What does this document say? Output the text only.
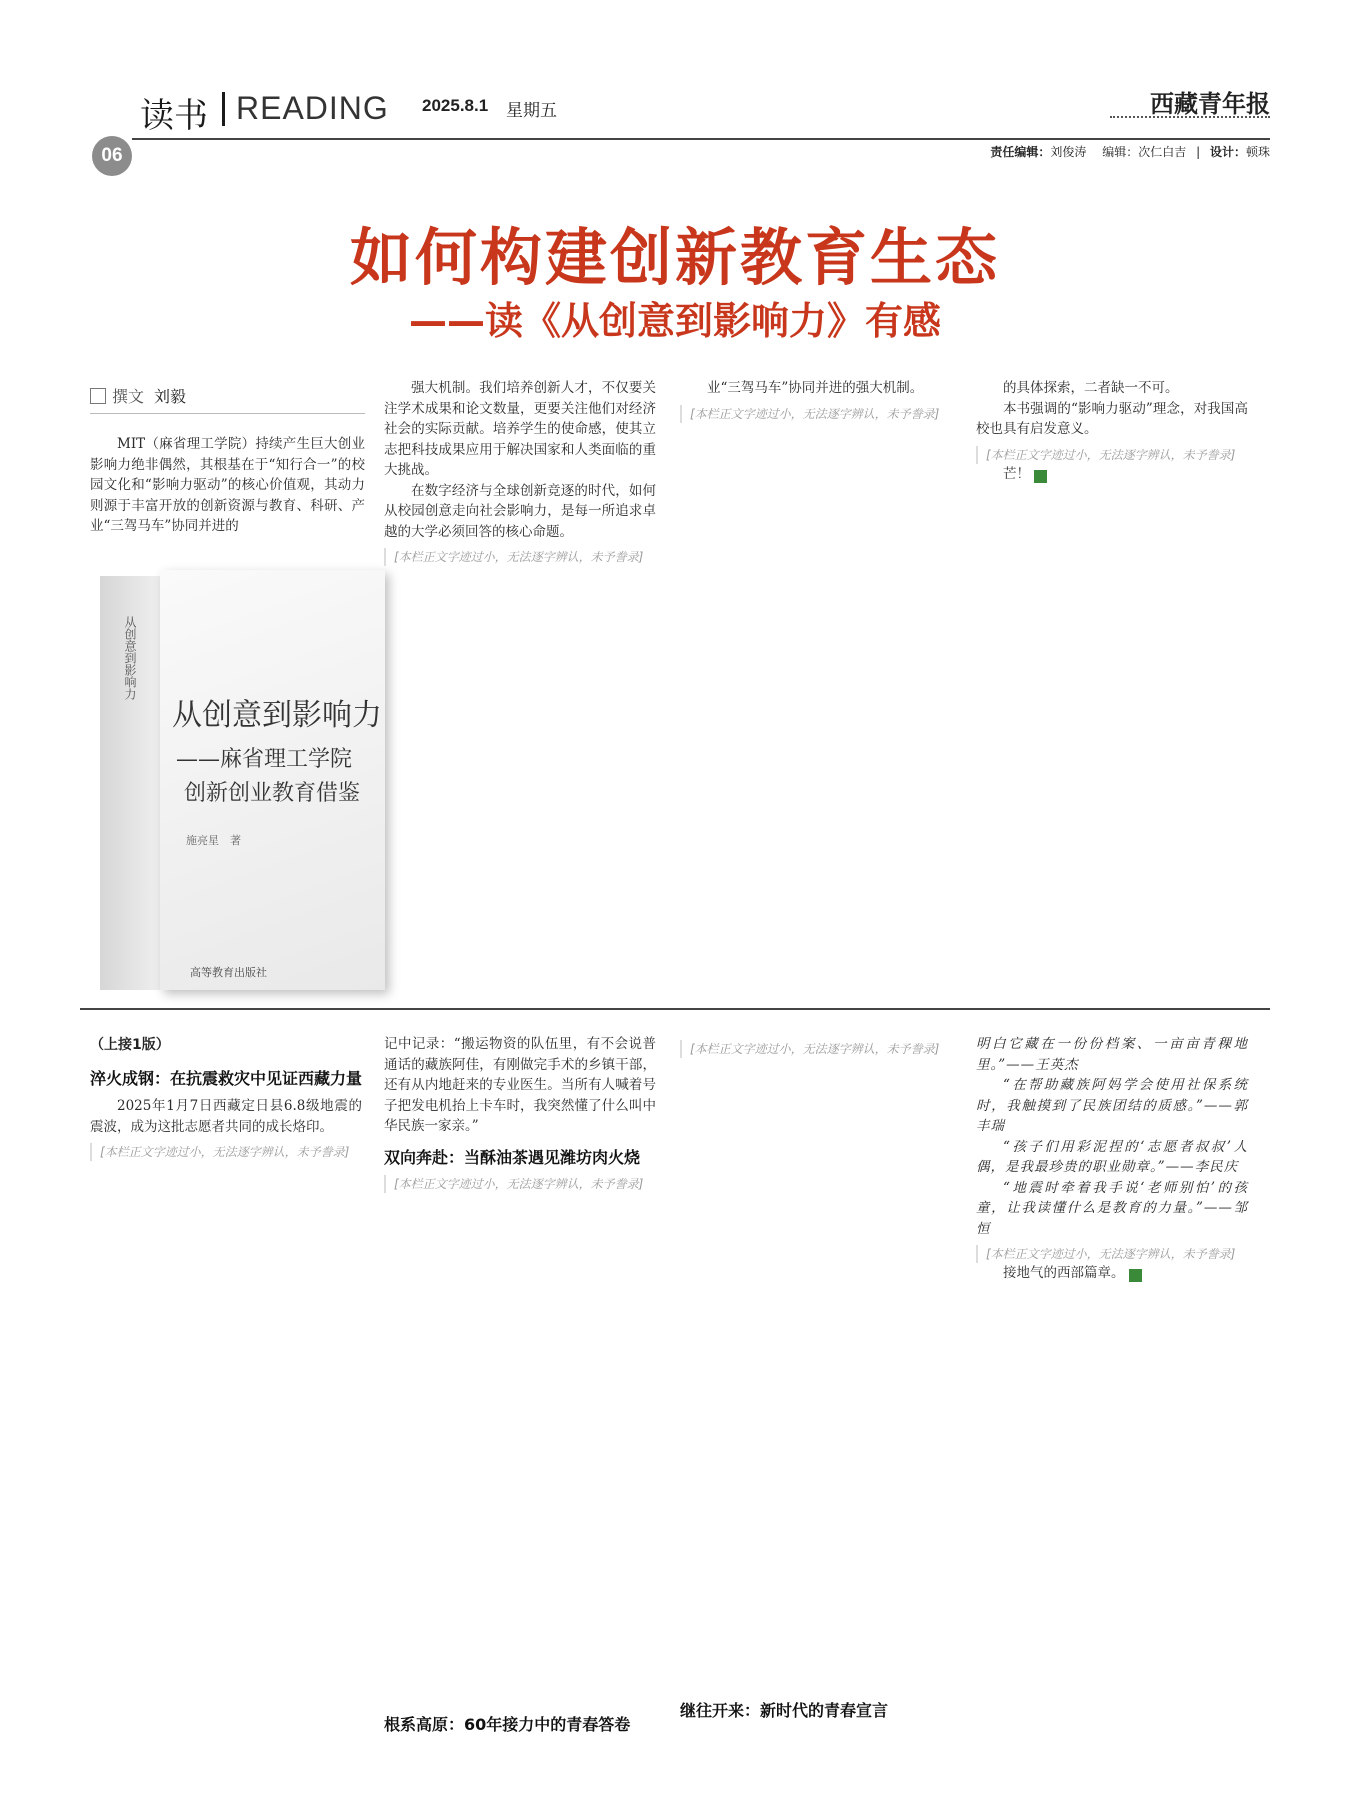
读书 READING 2025.8.1 星期五	西藏青年报
06	责任编辑：刘俊涛 编辑：次仁白吉 | 设计：顿珠
如何构建创新教育生态
——读《从创意到影响力》有感
撰文 刘毅

MIT（麻省理工学院）持续产生巨大创业影响力绝非偶然，其根基在于“知行合一”的校园文化和“影响力驱动”的核心价值观，其动力则源于丰富开放的创新资源与教育、科研、产业“三驾马车”协同并进的

从创意到影响力
从创意到影响力
——麻省理工学院
创新创业教育借鉴
施亮星　著
高等教育出版社

强大机制。我们培养创新人才，不仅要关注学术成果和论文数量，更要关注他们对经济社会的实际贡献。培养学生的使命感，使其立志把科技成果应用于解决国家和人类面临的重大挑战。

在数字经济与全球创新竞逐的时代，如何从校园创意走向社会影响力，是每一所追求卓越的大学必须回答的核心命题。

[本栏正文字迹过小，无法逐字辨认，未予誊录]

业“三驾马车”协同并进的强大机制。

[本栏正文字迹过小，无法逐字辨认，未予誊录]

的具体探索，二者缺一不可。

本书强调的“影响力驱动”理念，对我国高校也具有启发意义。

[本栏正文字迹过小，无法逐字辨认，未予誊录]

芒！	▪

（上接1版）
淬火成钢：在抗震救灾中见证西藏力量

2025年1月7日西藏定日县6.8级地震的震波，成为这批志愿者共同的成长烙印。

[本栏正文字迹过小，无法逐字辨认，未予誊录]

记中记录：“搬运物资的队伍里，有不会说普通话的藏族阿佳，有刚做完手术的乡镇干部，还有从内地赶来的专业医生。当所有人喊着号子把发电机抬上卡车时，我突然懂了什么叫中华民族一家亲。”

双向奔赴：当酥油茶遇见潍坊肉火烧

[本栏正文字迹过小，无法逐字辨认，未予誊录]

根系高原：60年接力中的青春答卷

[本栏正文字迹过小，无法逐字辨认，未予誊录]

继往开来：新时代的青春宣言

明白它藏在一份份档案、一亩亩青稞地里。”——王英杰

“在帮助藏族阿妈学会使用社保系统时，我触摸到了民族团结的质感。”——郭丰瑞

“孩子们用彩泥捏的‘志愿者叔叔’人偶，是我最珍贵的职业勋章。”——李民庆

“地震时牵着我手说‘老师别怕’的孩童，让我读懂什么是教育的力量。”——邹恒

[本栏正文字迹过小，无法逐字辨认，未予誊录]

接地气的西部篇章。	▪
